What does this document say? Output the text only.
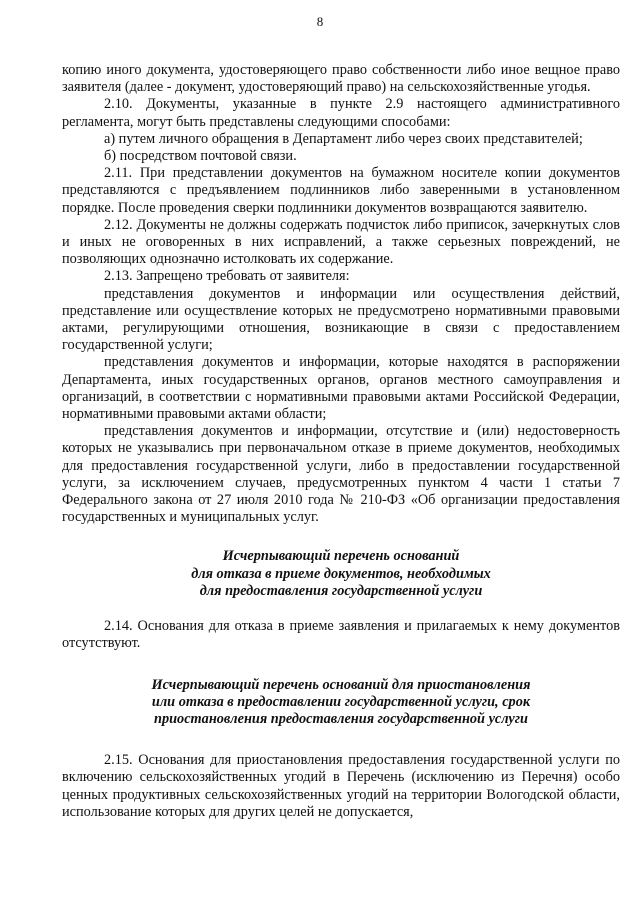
8

копию иного документа, удостоверяющего право собственности либо иное вещное право заявителя (далее - документ, удостоверяющий право) на сельскохозяйственные угодья.

2.10. Документы, указанные в пункте 2.9 настоящего административного регламента, могут быть представлены следующими способами:

а) путем личного обращения в Департамент либо через своих представителей;

б) посредством почтовой связи.

2.11. При представлении документов на бумажном носителе копии документов представляются с предъявлением подлинников либо заверенными в установленном порядке. После проведения сверки подлинники документов возвращаются заявителю.

2.12. Документы не должны содержать подчисток либо приписок, зачеркнутых слов и иных не оговоренных в них исправлений, а также серьезных повреждений, не позволяющих однозначно истолковать их содержание.

2.13. Запрещено требовать от заявителя:

представления документов и информации или осуществления действий, представление или осуществление которых не предусмотрено нормативными правовыми актами, регулирующими отношения, возникающие в связи с предоставлением государственной услуги;

представления документов и информации, которые находятся в распоряжении Департамента, иных государственных органов, органов местного самоуправления и организаций, в соответствии с нормативными правовыми актами Российской Федерации, нормативными правовыми актами области;

представления документов и информации, отсутствие и (или) недостоверность которых не указывались при первоначальном отказе в приеме документов, необходимых для предоставления государственной услуги, либо в предоставлении государственной услуги, за исключением случаев, предусмотренных пунктом 4 части 1 статьи 7 Федерального закона от 27 июля 2010 года № 210-ФЗ «Об организации предоставления государственных и муниципальных услуг.

Исчерпывающий перечень оснований
для отказа в приеме документов, необходимых
для предоставления государственной услуги

2.14. Основания для отказа в приеме заявления и прилагаемых к нему документов отсутствуют.

Исчерпывающий перечень оснований для приостановления
или отказа в предоставлении государственной услуги, срок
приостановления предоставления государственной услуги

2.15. Основания для приостановления предоставления государственной услуги по включению сельскохозяйственных угодий в Перечень (исключению из Перечня) особо ценных продуктивных сельскохозяйственных угодий на территории Вологодской области, использование которых для других целей не допускается,
